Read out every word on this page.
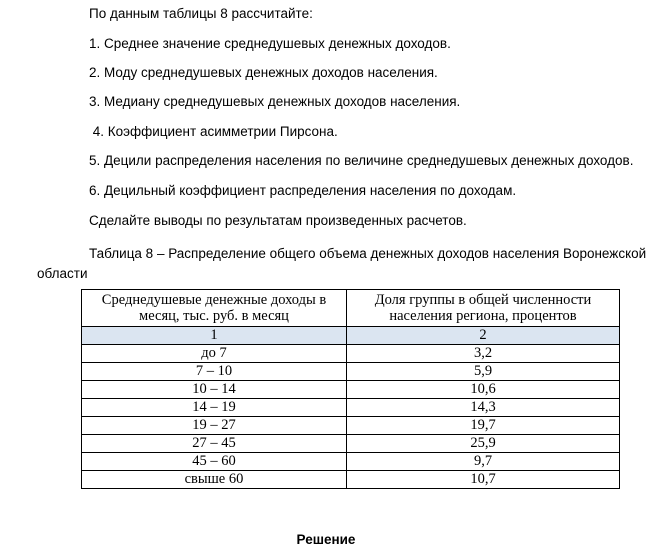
По данным таблицы 8 рассчитайте:
1. Среднее значение среднедушевых денежных доходов.
2. Моду среднедушевых денежных доходов населения.
3. Медиану среднедушевых денежных доходов населения.
4. Коэффициент асимметрии Пирсона.
5. Децили распределения населения по величине среднедушевых денежных доходов.
6. Децильный коэффициент распределения населения по доходам.
Сделайте выводы по результатам произведенных расчетов.
Таблица 8 – Распределение общего объема денежных доходов населения Воронежской области
Среднедушевые денежные доходы в месяц, тыс. руб. в месяц	Доля группы в общей численности населения региона, процентов
1	2
до 7	3,2
7 – 10	5,9
10 – 14	10,6
14 – 19	14,3
19 – 27	19,7
27 – 45	25,9
45 – 60	9,7
свыше 60	10,7
Решение
